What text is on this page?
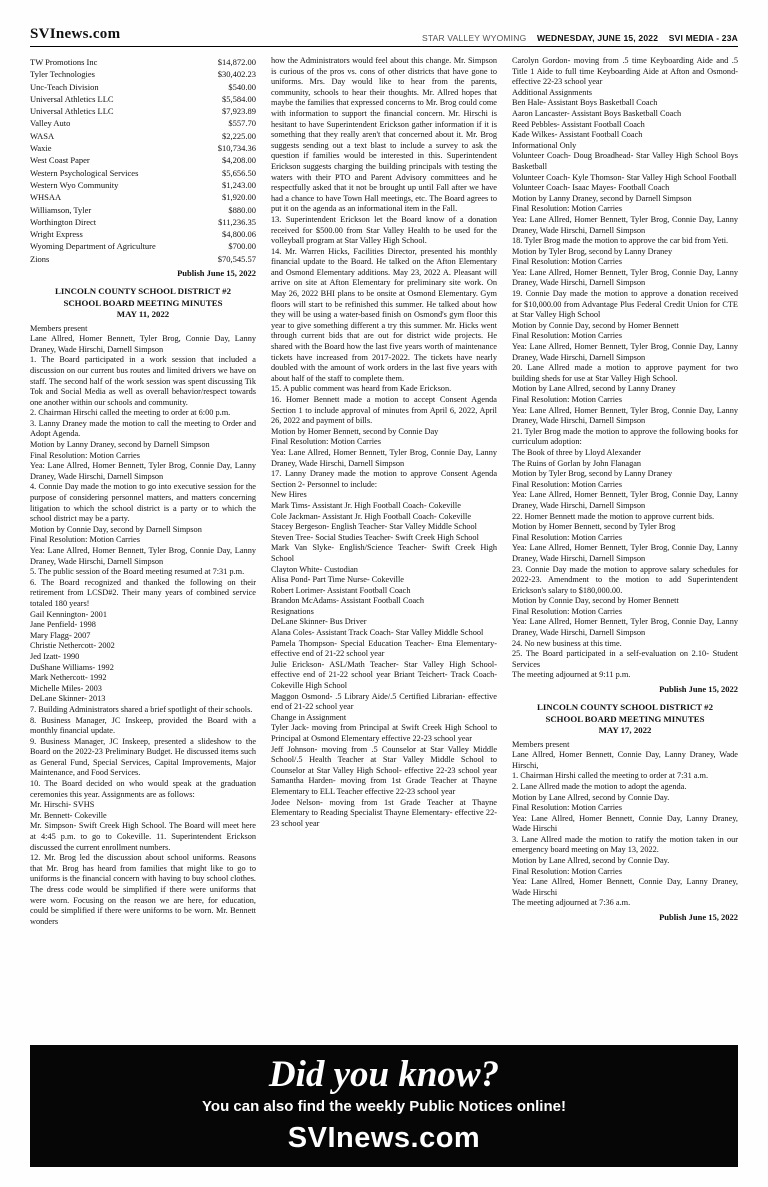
SVInews.com	STAR VALLEY WYOMING WEDNESDAY, JUNE 15, 2022 SVI MEDIA - 23A
TW Promotions Inc	$14,872.00
Tyler Technologies	$30,402.23
Unc-Teach Division	$540.00
Universal Athletics LLC	$5,584.00
Universal Athletics LLC	$7,923.89
Valley Auto	$557.70
WASA	$2,225.00
Waxie	$10,734.36
West Coast Paper	$4,208.00
Western Psychological Services	$5,656.50
Western Wyo Community	$1,243.00
WHSAA	$1,920.00
Williamson, Tyler	$880.00
Worthington Direct	$11,236.35
Wright Express	$4,800.06
Wyoming Department of Agriculture	$700.00
Zions	$70,545.57

Publish June 15, 2022

LINCOLN COUNTY SCHOOL DISTRICT #2
SCHOOL BOARD MEETING MINUTES
MAY 11, 2022

Members present

Lane Allred, Homer Bennett, Tyler Brog, Connie Day, Lanny Draney, Wade Hirschi, Darnell Simpson

1. The Board participated in a work session that included a discussion on our current bus routes and limited drivers we have on staff. The second half of the work session was spent discussing Tik Tok and Social Media as well as overall behavior/respect towards one another within our schools and community.

2. Chairman Hirschi called the meeting to order at 6:00 p.m.

3. Lanny Draney made the motion to call the meeting to Order and Adopt Agenda.

Motion by Lanny Draney, second by Darnell Simpson

Final Resolution: Motion Carries

Yea: Lane Allred, Homer Bennett, Tyler Brog, Connie Day, Lanny Draney, Wade Hirschi, Darnell Simpson

4. Connie Day made the motion to go into executive session for the purpose of considering personnel matters, and matters concerning litigation to which the school district is a party or to which the school district may be a party.

Motion by Connie Day, second by Darnell Simpson

Final Resolution: Motion Carries

Yea: Lane Allred, Homer Bennett, Tyler Brog, Connie Day, Lanny Draney, Wade Hirschi, Darnell Simpson

5. The public session of the Board meeting resumed at 7:31 p.m.

6. The Board recognized and thanked the following on their retirement from LCSD#2. Their many years of combined service totaled 180 years!

Gail Kennington- 2001

Jane Penfield- 1998

Mary Flagg- 2007

Christie Nethercott- 2002

Jed Izatt- 1990

DuShane Williams- 1992

Mark Nethercott- 1992

Michelle Miles- 2003

DeLane Skinner- 2013

7. Building Administrators shared a brief spotlight of their schools.

8. Business Manager, JC Inskeep, provided the Board with a monthly financial update.

9. Business Manager, JC Inskeep, presented a slideshow to the Board on the 2022-23 Preliminary Budget. He discussed items such as General Fund, Special Services, Capital Improvements, Major Maintenance, and Food Services.

10. The Board decided on who would speak at the graduation ceremonies this year. Assignments are as follows:

Mr. Hirschi- SVHS

Mr. Bennett- Cokeville

Mr. Simpson- Swift Creek High School. The Board will meet here at 4:45 p.m. to go to Cokeville. 11. Superintendent Erickson discussed the current enrollment numbers.

12. Mr. Brog led the discussion about school uniforms. Reasons that Mr. Brog has heard from families that might like to go to uniforms is the financial concern with having to buy school clothes. The dress code would be simplified if there were uniforms that were worn. Focusing on the reason we are here, for education, could be simplified if there were uniforms to be worn. Mr. Bennett wonders

how the Administrators would feel about this change. Mr. Simpson is curious of the pros vs. cons of other districts that have gone to uniforms. Mrs. Day would like to hear from the parents, community, schools to hear their thoughts. Mr. Allred hopes that maybe the families that expressed concerns to Mr. Brog could come with information to support the financial concern. Mr. Hirschi is hesitant to have Superintendent Erickson gather information if it is something that they really aren't that concerned about it. Mr. Brog suggests sending out a text blast to include a survey to ask the question if families would be interested in this. Superintendent Erickson suggests charging the building principals with testing the waters with their PTO and Parent Advisory committees and he respectfully asked that it not be brought up until Fall after we have had a chance to have Town Hall meetings, etc. The Board agrees to put it on the agenda as an informational item in the Fall.

13. Superintendent Erickson let the Board know of a donation received for $500.00 from Star Valley Health to be used for the volleyball program at Star Valley High School.

14. Mr. Warren Hicks, Facilities Director, presented his monthly financial update to the Board. He talked on the Afton Elementary and Osmond Elementary additions. May 23, 2022 A. Pleasant will arrive on site at Afton Elementary for preliminary site work. On May 26, 2022 BHI plans to be onsite at Osmond Elementary. Gym floors will start to be refinished this summer. He talked about how they will be using a water-based finish on Osmond's gym floor this year to give something different a try this summer. Mr. Hicks went through current bids that are out for district wide projects. He shared with the Board how the last five years worth of maintenance tickets have increased from 2017-2022. The tickets have nearly doubled with the amount of work orders in the last five years with about half of the staff to complete them.

15. A public comment was heard from Kade Erickson.

16. Homer Bennett made a motion to accept Consent Agenda Section 1 to include approval of minutes from April 6, 2022, April 26, 2022 and payment of bills.

Motion by Homer Bennett, second by Connie Day

Final Resolution: Motion Carries

Yea: Lane Allred, Homer Bennett, Tyler Brog, Connie Day, Lanny Draney, Wade Hirschi, Darnell Simpson

17. Lanny Draney made the motion to approve Consent Agenda Section 2- Personnel to include:

New Hires

Mark Tims- Assistant Jr. High Football Coach- Cokeville

Cole Jackman- Assistant Jr. High Football Coach- Cokeville

Stacey Bergeson- English Teacher- Star Valley Middle School

Steven Tree- Social Studies Teacher- Swift Creek High School

Mark Van Slyke- English/Science Teacher- Swift Creek High School

Clayton White- Custodian

Alisa Pond- Part Time Nurse- Cokeville

Robert Lorimer- Assistant Football Coach

Brandon McAdams- Assistant Football Coach

Resignations

DeLane Skinner- Bus Driver

Alana Coles- Assistant Track Coach- Star Valley Middle School

Pamela Thompson- Special Education Teacher- Etna Elementary- effective end of 21-22 school year

Julie Erickson- ASL/Math Teacher- Star Valley High School- effective end of 21-22 school year Briant Teichert- Track Coach- Cokeville High School

Maggon Osmond- .5 Library Aide/.5 Certified Librarian- effective end of 21-22 school year

Change in Assignment

Tyler Jack- moving from Principal at Swift Creek High School to Principal at Osmond Elementary effective 22-23 school year

Jeff Johnson- moving from .5 Counselor at Star Valley Middle School/.5 Health Teacher at Star Valley Middle School to Counselor at Star Valley High School- effective 22-23 school year Samantha Harden- moving from 1st Grade Teacher at Thayne Elementary to ELL Teacher effective 22-23 school year

Jodee Nelson- moving from 1st Grade Teacher at Thayne Elementary to Reading Specialist Thayne Elementary- effective 22-23 school year

Carolyn Gordon- moving from .5 time Keyboarding Aide and .5 Title 1 Aide to full time Keyboarding Aide at Afton and Osmond- effective 22-23 school year

Additional Assignments

Ben Hale- Assistant Boys Basketball Coach

Aaron Lancaster- Assistant Boys Basketball Coach

Reed Pebbles- Assistant Football Coach

Kade Wilkes- Assistant Football Coach

Informational Only

Volunteer Coach- Doug Broadhead- Star Valley High School Boys Basketball

Volunteer Coach- Kyle Thomson- Star Valley High School Football

Volunteer Coach- Isaac Mayes- Football Coach

Motion by Lanny Draney, second by Darnell Simpson

Final Resolution: Motion Carries

Yea: Lane Allred, Homer Bennett, Tyler Brog, Connie Day, Lanny Draney, Wade Hirschi, Darnell Simpson

18. Tyler Brog made the motion to approve the car bid from Yeti.

Motion by Tyler Brog, second by Lanny Draney

Final Resolution: Motion Carries

Yea: Lane Allred, Homer Bennett, Tyler Brog, Connie Day, Lanny Draney, Wade Hirschi, Darnell Simpson

19. Connie Day made the motion to approve a donation received for $10,000.00 from Advantage Plus Federal Credit Union for CTE at Star Valley High School

Motion by Connie Day, second by Homer Bennett

Final Resolution: Motion Carries

Yea: Lane Allred, Homer Bennett, Tyler Brog, Connie Day, Lanny Draney, Wade Hirschi, Darnell Simpson

20. Lane Allred made a motion to approve payment for two building sheds for use at Star Valley High School.

Motion by Lane Allred, second by Lanny Draney

Final Resolution: Motion Carries

Yea: Lane Allred, Homer Bennett, Tyler Brog, Connie Day, Lanny Draney, Wade Hirschi, Darnell Simpson

21. Tyler Brog made the motion to approve the following books for curriculum adoption:

The Book of three by Lloyd Alexander

The Ruins of Gorlan by John Flanagan

Motion by Tyler Brog, second by Lanny Draney

Final Resolution: Motion Carries

Yea: Lane Allred, Homer Bennett, Tyler Brog, Connie Day, Lanny Draney, Wade Hirschi, Darnell Simpson

22. Homer Bennett made the motion to approve current bids.

Motion by Homer Bennett, second by Tyler Brog

Final Resolution: Motion Carries

Yea: Lane Allred, Homer Bennett, Tyler Brog, Connie Day, Lanny Draney, Wade Hirschi, Darnell Simpson

23. Connie Day made the motion to approve salary schedules for 2022-23. Amendment to the motion to add Superintendent Erickson's salary to $180,000.00.

Motion by Connie Day, second by Homer Bennett

Final Resolution: Motion Carries

Yea: Lane Allred, Homer Bennett, Tyler Brog, Connie Day, Lanny Draney, Wade Hirschi, Darnell Simpson

24. No new business at this time.

25. The Board participated in a self-evaluation on 2.10- Student Services

The meeting adjourned at 9:11 p.m.

Publish June 15, 2022

LINCOLN COUNTY SCHOOL DISTRICT #2
SCHOOL BOARD MEETING MINUTES
MAY 17, 2022

Members present

Lane Allred, Homer Bennett, Connie Day, Lanny Draney, Wade Hirschi,

1. Chairman Hirshi called the meeting to order at 7:31 a.m.

2. Lane Allred made the motion to adopt the agenda.

Motion by Lane Allred, second by Connie Day.

Final Resolution: Motion Carries

Yea: Lane Allred, Homer Bennett, Connie Day, Lanny Draney, Wade Hirschi

3. Lane Allred made the motion to ratify the motion taken in our emergency board meeting on May 13, 2022.

Motion by Lane Allred, second by Connie Day.

Final Resolution: Motion Carries

Yea: Lane Allred, Homer Bennett, Connie Day, Lanny Draney, Wade Hirschi

The meeting adjourned at 7:36 a.m.

Publish June 15, 2022

Did you know?
You can also find the weekly Public Notices online!
SVInews.com
